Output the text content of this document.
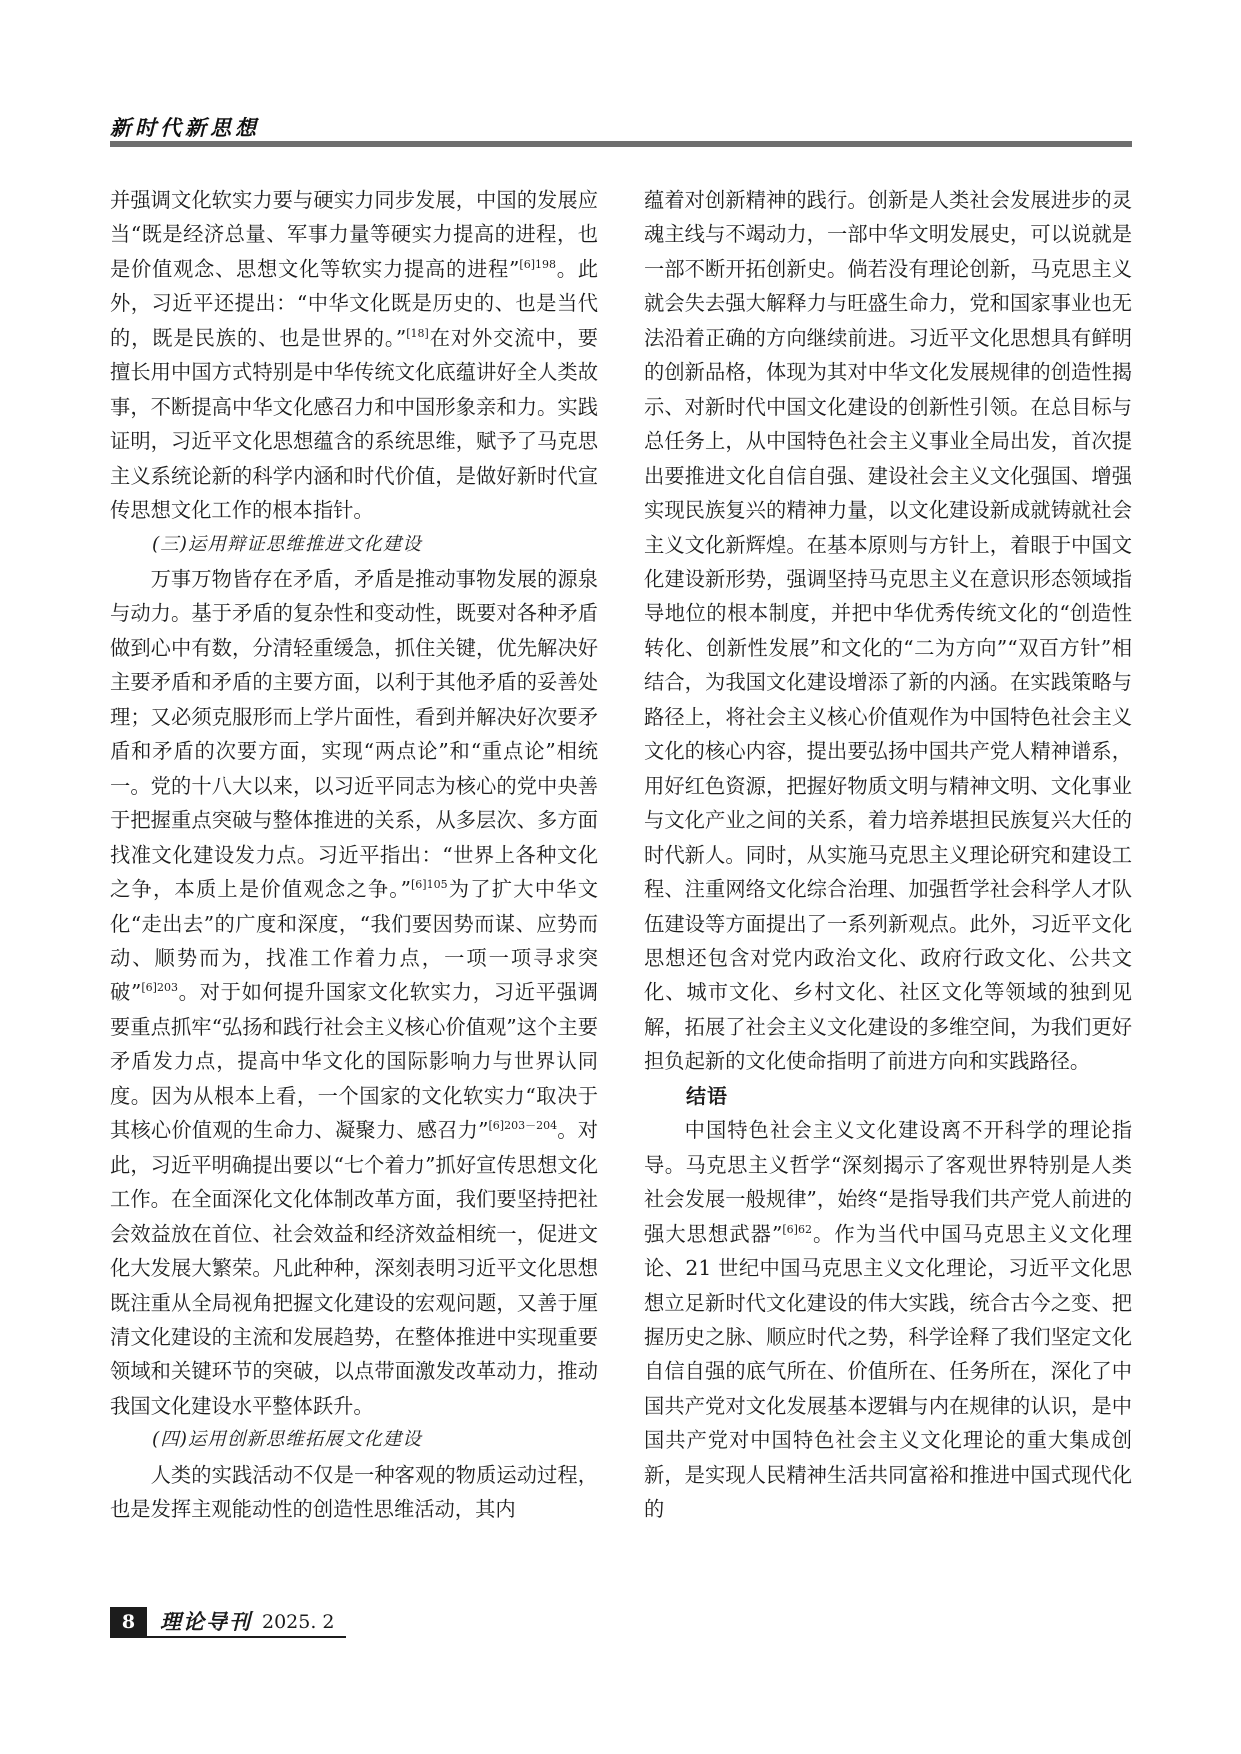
新时代新思想

并强调文化软实力要与硬实力同步发展，中国的发展应当“既是经济总量、军事力量等硬实力提高的进程，也是价值观念、思想文化等软实力提高的进程”$^{[6]198}$。此外，习近平还提出：“中华文化既是历史的、也是当代的，既是民族的、也是世界的。”[18]在对外交流中，要擅长用中国方式特别是中华传统文化底蕴讲好全人类故事，不断提高中华文化感召力和中国形象亲和力。实践证明，习近平文化思想蕴含的系统思维，赋予了马克思主义系统论新的科学内涵和时代价值，是做好新时代宣传思想文化工作的根本指针。

(三)运用辩证思维推进文化建设

万事万物皆存在矛盾，矛盾是推动事物发展的源泉与动力。基于矛盾的复杂性和变动性，既要对各种矛盾做到心中有数，分清轻重缓急，抓住关键，优先解决好主要矛盾和矛盾的主要方面，以利于其他矛盾的妥善处理；又必须克服形而上学片面性，看到并解决好次要矛盾和矛盾的次要方面，实现“两点论”和“重点论”相统一。党的十八大以来，以习近平同志为核心的党中央善于把握重点突破与整体推进的关系，从多层次、多方面找准文化建设发力点。习近平指出：“世界上各种文化之争，本质上是价值观念之争。”$^{[6]105}$为了扩大中华文化“走出去”的广度和深度，“我们要因势而谋、应势而动、顺势而为，找准工作着力点，一项一项寻求突破”$^{[6]203}$。对于如何提升国家文化软实力，习近平强调要重点抓牢“弘扬和践行社会主义核心价值观”这个主要矛盾发力点，提高中华文化的国际影响力与世界认同度。因为从根本上看，一个国家的文化软实力“取决于其核心价值观的生命力、凝聚力、感召力”$^{[6]203-204}$。对此，习近平明确提出要以“七个着力”抓好宣传思想文化工作。在全面深化文化体制改革方面，我们要坚持把社会效益放在首位、社会效益和经济效益相统一，促进文化大发展大繁荣。凡此种种，深刻表明习近平文化思想既注重从全局视角把握文化建设的宏观问题，又善于厘清文化建设的主流和发展趋势，在整体推进中实现重要领域和关键环节的突破，以点带面激发改革动力，推动我国文化建设水平整体跃升。

(四)运用创新思维拓展文化建设

人类的实践活动不仅是一种客观的物质运动过程，也是发挥主观能动性的创造性思维活动，其内

蕴着对创新精神的践行。创新是人类社会发展进步的灵魂主线与不竭动力，一部中华文明发展史，可以说就是一部不断开拓创新史。倘若没有理论创新，马克思主义就会失去强大解释力与旺盛生命力，党和国家事业也无法沿着正确的方向继续前进。习近平文化思想具有鲜明的创新品格，体现为其对中华文化发展规律的创造性揭示、对新时代中国文化建设的创新性引领。在总目标与总任务上，从中国特色社会主义事业全局出发，首次提出要推进文化自信自强、建设社会主义文化强国、增强实现民族复兴的精神力量，以文化建设新成就铸就社会主义文化新辉煌。在基本原则与方针上，着眼于中国文化建设新形势，强调坚持马克思主义在意识形态领域指导地位的根本制度，并把中华优秀传统文化的“创造性转化、创新性发展”和文化的“二为方向”“双百方针”相结合，为我国文化建设增添了新的内涵。在实践策略与路径上，将社会主义核心价值观作为中国特色社会主义文化的核心内容，提出要弘扬中国共产党人精神谱系，用好红色资源，把握好物质文明与精神文明、文化事业与文化产业之间的关系，着力培养堪担民族复兴大任的时代新人。同时，从实施马克思主义理论研究和建设工程、注重网络文化综合治理、加强哲学社会科学人才队伍建设等方面提出了一系列新观点。此外，习近平文化思想还包含对党内政治文化、政府行政文化、公共文化、城市文化、乡村文化、社区文化等领域的独到见解，拓展了社会主义文化建设的多维空间，为我们更好担负起新的文化使命指明了前进方向和实践路径。

结语

中国特色社会主义文化建设离不开科学的理论指导。马克思主义哲学“深刻揭示了客观世界特别是人类社会发展一般规律”，始终“是指导我们共产党人前进的强大思想武器”$^{[6]62}$。作为当代中国马克思主义文化理论、21 世纪中国马克思主义文化理论，习近平文化思想立足新时代文化建设的伟大实践，统合古今之变、把握历史之脉、顺应时代之势，科学诠释了我们坚定文化自信自强的底气所在、价值所在、任务所在，深化了中国共产党对文化发展基本逻辑与内在规律的认识，是中国共产党对中国特色社会主义文化理论的重大集成创新，是实现人民精神生活共同富裕和推进中国式现代化的

8	理论导刊 2025. 2
